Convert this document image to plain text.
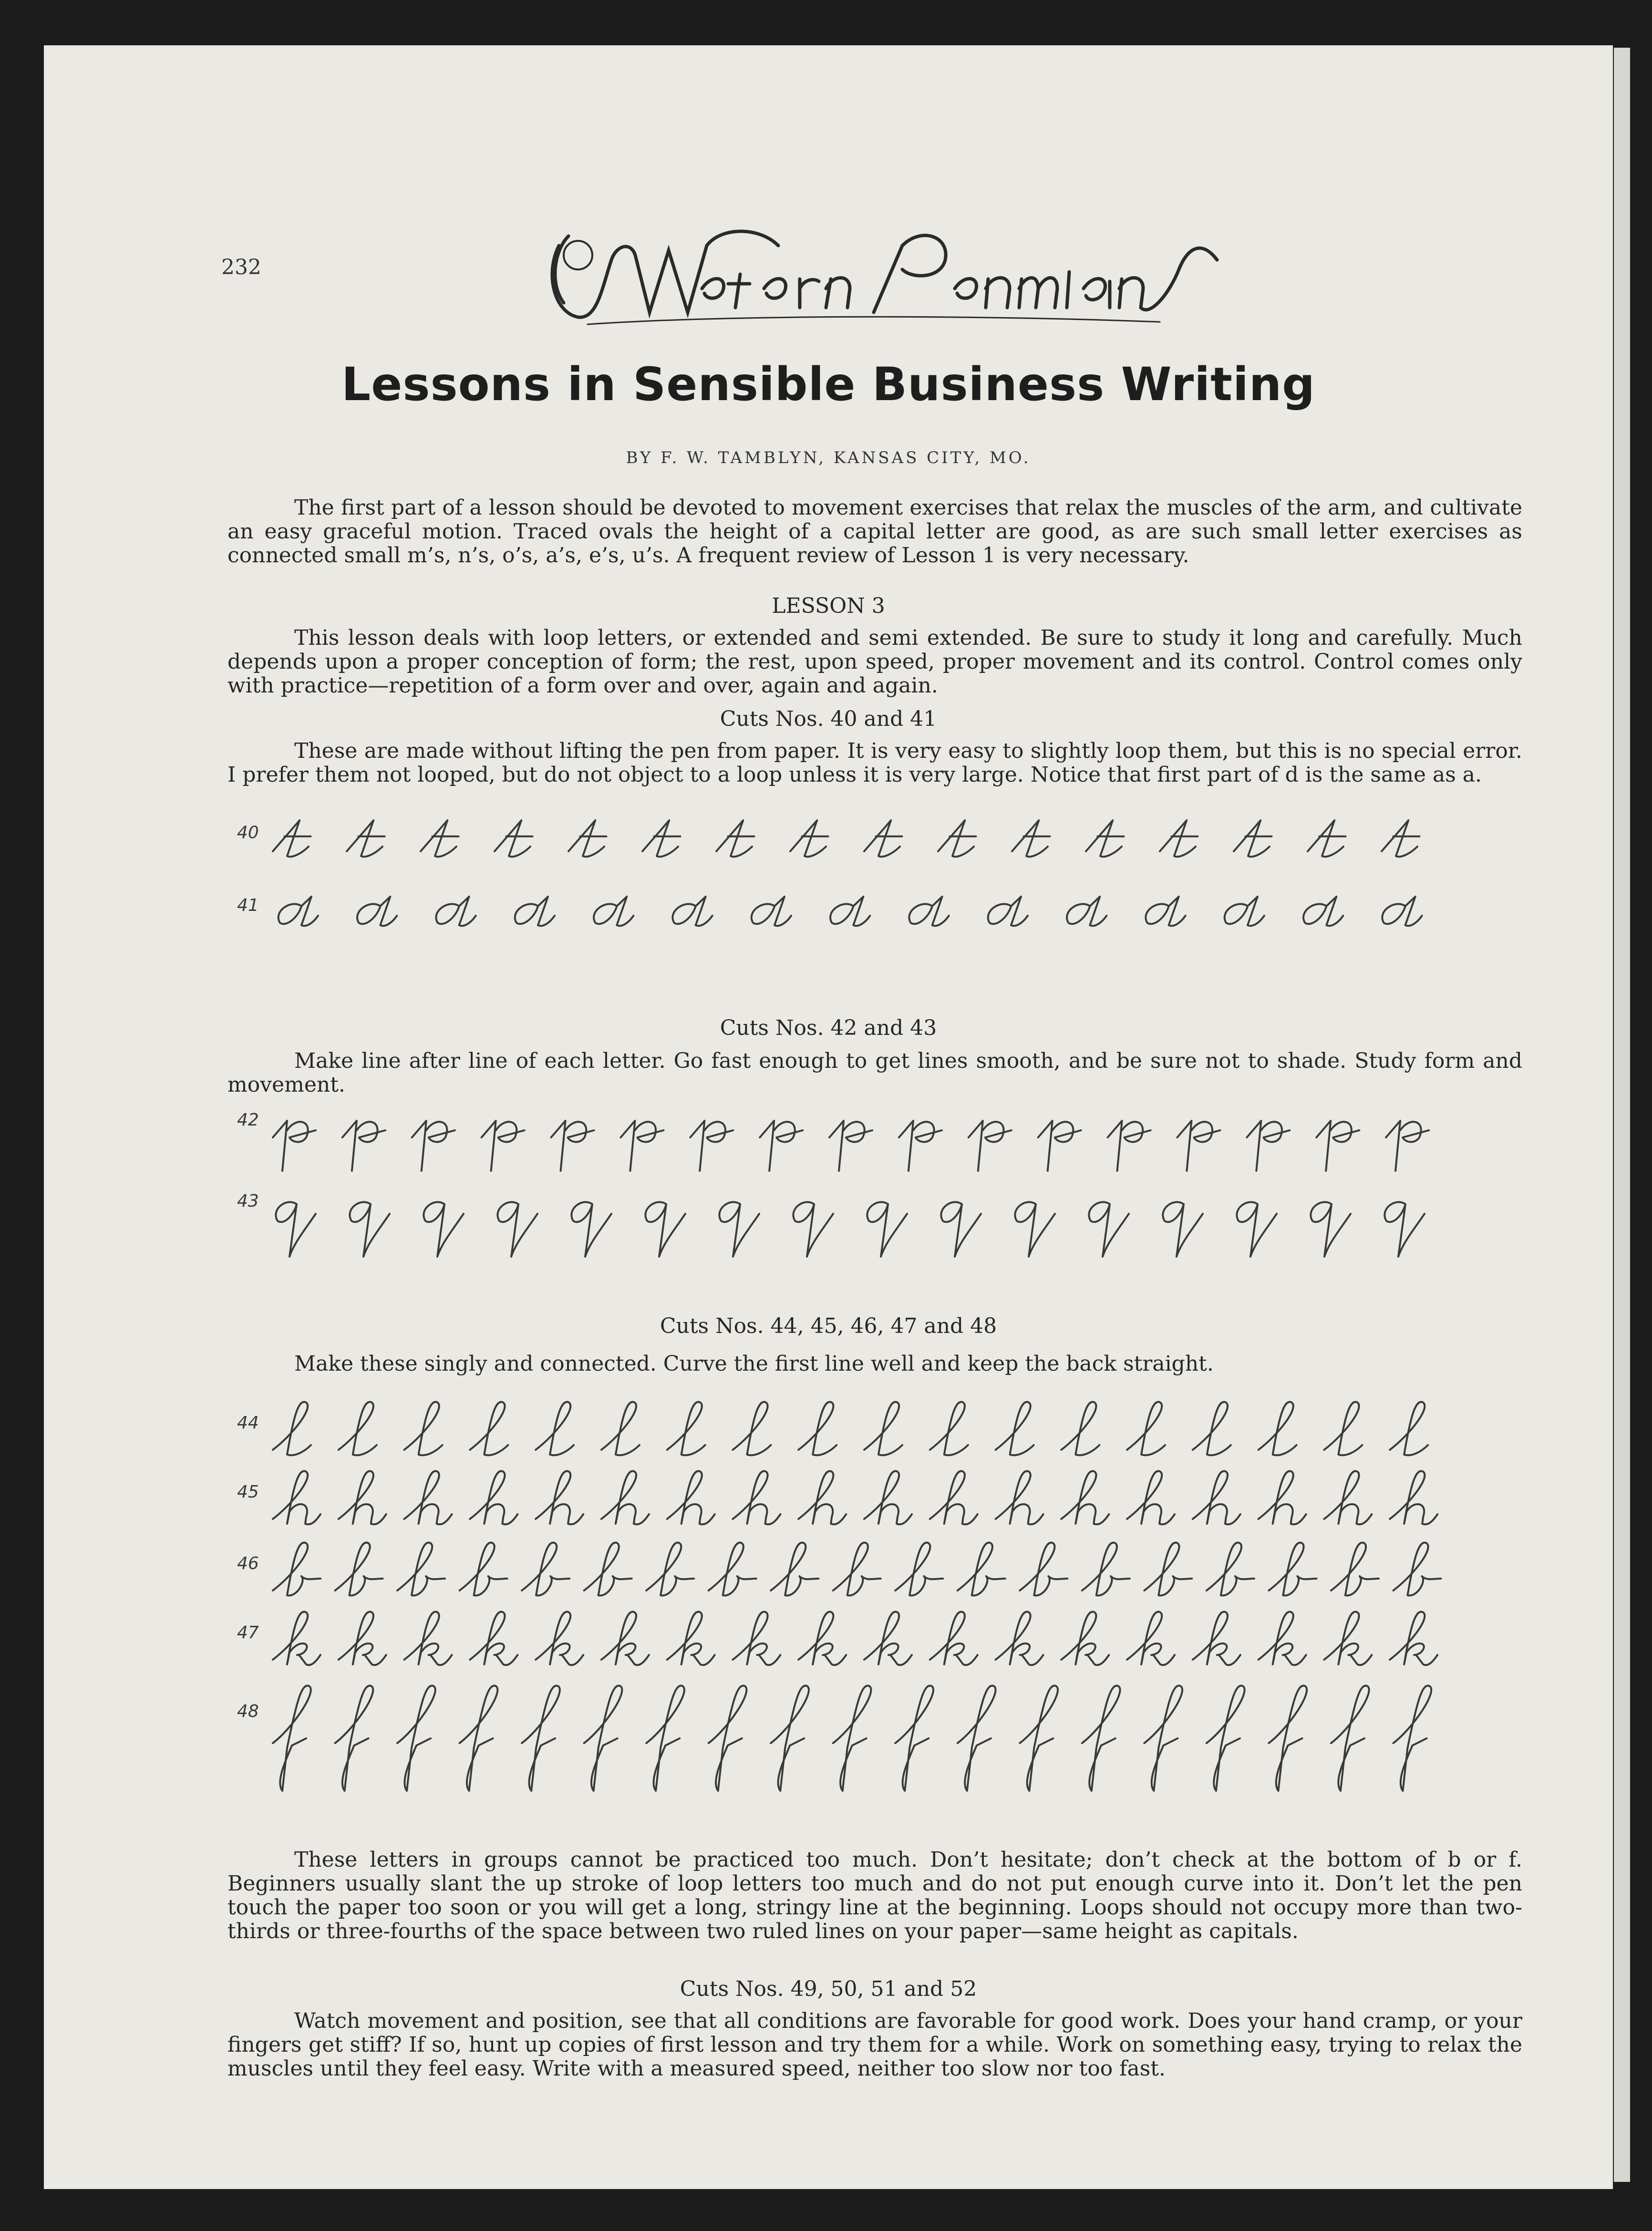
232
Lessons in Sensible Business Writing
BY F. W. TAMBLYN, KANSAS CITY, MO.

The first part of a lesson should be devoted to movement exercises that relax the muscles of the arm, and cultivate an easy graceful motion. Traced ovals the height of a capital letter are good, as are such small letter exercises as connected small m’s, n’s, o’s, a’s, e’s, u’s. A frequent review of Lesson 1 is very necessary.

LESSON 3

This lesson deals with loop letters, or extended and semi extended. Be sure to study it long and carefully. Much depends upon a proper conception of form; the rest, upon speed, proper movement and its control. Control comes only with practice—repetition of a form over and over, again and again.

Cuts Nos. 40 and 41

These are made without lifting the pen from paper. It is very easy to slightly loop them, but this is no special error. I prefer them not looped, but do not object to a loop unless it is very large. Notice that first part of d is the same as a.

Cuts Nos. 42 and 43

Make line after line of each letter. Go fast enough to get lines smooth, and be sure not to shade. Study form and movement.

Cuts Nos. 44, 45, 46, 47 and 48

Make these singly and connected. Curve the first line well and keep the back straight.

These letters in groups cannot be practiced too much. Don’t hesitate; don’t check at the bottom of b or f. Beginners usually slant the up stroke of loop letters too much and do not put enough curve into it. Don’t let the pen touch the paper too soon or you will get a long, stringy line at the beginning. Loops should not occupy more than two-thirds or three-fourths of the space between two ruled lines on your paper—same height as capitals.

Cuts Nos. 49, 50, 51 and 52

Watch movement and position, see that all conditions are favorable for good work. Does your hand cramp, or your fingers get stiff? If so, hunt up copies of first lesson and try them for a while. Work on something easy, trying to relax the muscles until they feel easy. Write with a measured speed, neither too slow nor too fast.

40
41
42
43
44
45
46
47
48
